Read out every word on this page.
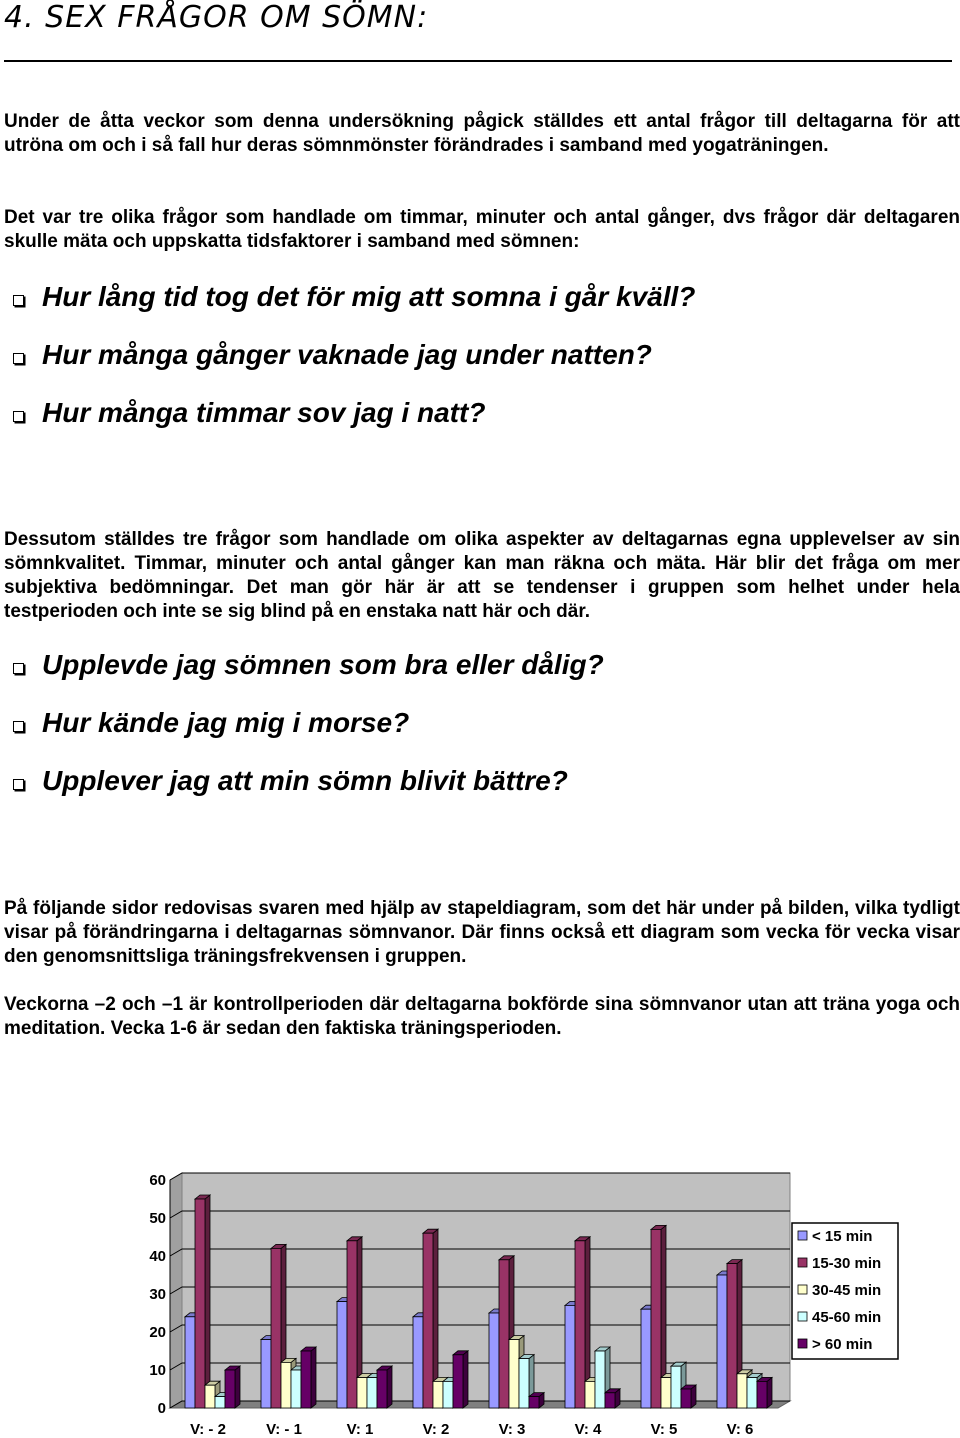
4. SEX FRÅGOR OM SÖMN:
Under de åtta veckor som denna undersökning pågick ställdes ett antal frågor till deltagarna för att utröna om och i så fall hur deras sömnmönster förändrades i samband med yogaträningen.
Det var tre olika frågor som handlade om timmar, minuter och antal gånger, dvs frågor där deltagaren skulle mäta och uppskatta tidsfaktorer i samband med sömnen:
Hur lång tid tog det för mig att somna i går kväll?
Hur många gånger vaknade jag under natten?
Hur många timmar sov jag i natt?
Dessutom ställdes tre frågor som handlade om olika aspekter av deltagarnas egna upplevelser av sin sömnkvalitet. Timmar, minuter och antal gånger kan man räkna och mäta. Här blir det fråga om mer subjektiva bedömningar. Det man gör här är att se tendenser i gruppen som helhet under hela testperioden och inte se sig blind på en enstaka natt här och där.
Upplevde jag sömnen som bra eller dålig?
Hur kände jag mig i morse?
Upplever jag att min sömn blivit bättre?
På följande sidor redovisas svaren med hjälp av stapeldiagram, som det här under på bilden, vilka tydligt visar på förändringarna i deltagarnas sömnvanor. Där finns också ett diagram som vecka för vecka visar den genomsnittsliga träningsfrekvensen i gruppen.
Veckorna –2 och –1 är kontrollperioden där deltagarna bokförde sina sömnvanor utan att träna yoga och meditation. Vecka 1-6 är sedan den faktiska träningsperioden.
0
10
20
30
40
50
60
V: - 2	V: - 1	V: 1	V: 2	V: 3	V: 4	V: 5	V: 6
< 15 min
15-30 min
30-45 min
45-60 min
> 60 min
